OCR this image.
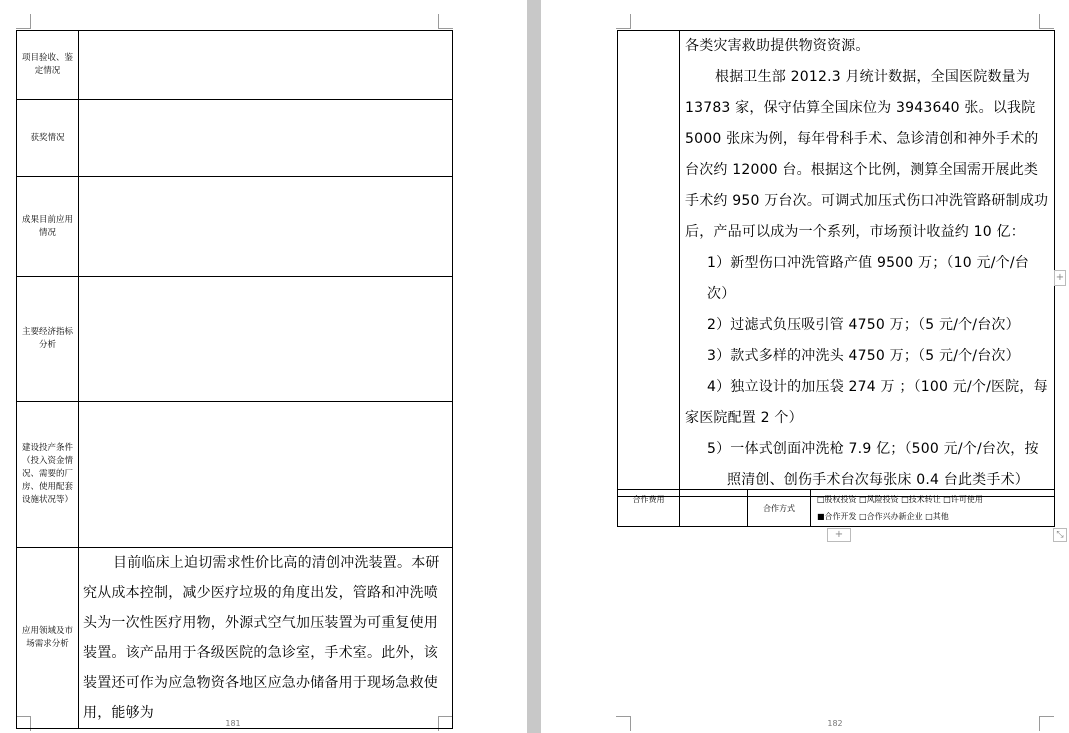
项目验收、鉴定情况	
获奖情况	
成果目前应用情况	
主要经济指标分析	
建设投产条件（投入资金情况、需要的厂房、使用配套设施状况等）	
应用领域及市场需求分析	目前临床上迫切需求性价比高的清创冲洗装置。本研究从成本控制，减少医疗垃圾的角度出发，管路和冲洗喷头为一次性医疗用物，外源式空气加压装置为可重复使用装置。该产品用于各级医院的急诊室，手术室。此外，该装置还可作为应急物资各地区应急办储备用于现场急救使用，能够为
181

各类灾害救助提供物资资源。
根据卫生部 2012.3 月统计数据，全国医院数量为 13783 家，保守估算全国床位为 3943640 张。以我院 5000 张床为例，每年骨科手术、急诊清创和神外手术的台次约 12000 台。根据这个比例，测算全国需开展此类手术约 950 万台次。可调式加压式伤口冲洗管路研制成功后，产品可以成为一个系列，市场预计收益约 10 亿：
1）新型伤口冲洗管路产值 9500 万；（10 元/个/台次）
2）过滤式负压吸引管 4750 万；（5 元/个/台次）
3）款式多样的冲洗头 4750 万；（5 元/个/台次）
4）独立设计的加压袋 274 万 ；（100 元/个/医院，每家医院配置 2 个）
5）一体式创面冲洗枪 7.9 亿；（500 元/个/台次，按照清创、创伤手术台次每张床 0.4 台此类手术）
合作费用		合作方式	
□股权投资 □风险投资 □技术转让 □许可使用
■合作开发 □合作兴办新企业 □其他
+
+
⤡
182
